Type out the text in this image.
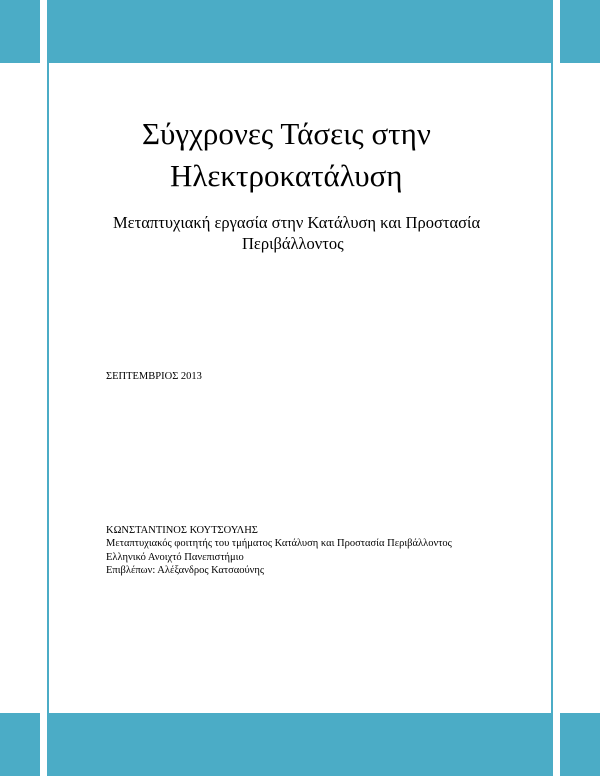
Σύγχρονες Τάσεις στην
Ηλεκτροκατάλυση
Μεταπτυχιακή εργασία στην Κατάλυση και Προστασία
Περιβάλλοντος
ΣΕΠΤΕΜΒΡΙΟΣ 2013
ΚΩΝΣΤΑΝΤΙΝΟΣ ΚΟΥΤΣΟΥΛΗΣ
Μεταπτυχιακός φοιτητής του τμήματος Κατάλυση και Προστασία Περιβάλλοντος
Ελληνικό Ανοιχτό Πανεπιστήμιο
Επιβλέπων: Αλέξανδρος Κατσαούνης
